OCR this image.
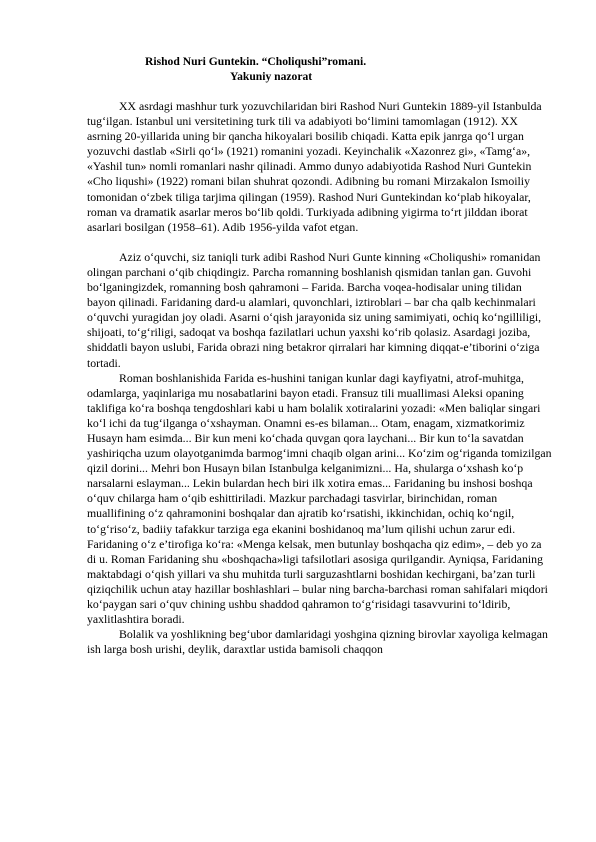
Rishod Nuri Guntekin. “Choliqushi”romani.

Yakuniy nazorat

XX asrdagi mashhur turk yozuvchilaridan biri Rashod Nuri Guntekin 1889-yil Istanbulda tug‘ilgan. Istanbul uni versitetining turk tili va adabiyoti bo‘limini tamomlagan (1912). XX asrning 20-yillarida uning bir qancha hikoyalari bosilib chiqadi. Katta epik janrga qo‘l urgan yozuvchi dastlab «Sirli qo‘l» (1921) romanini yozadi. Keyinchalik «Xazonrez gi», «Tamg‘a», «Yashil tun» nomli romanlari nashr qilinadi. Ammo dunyo adabiyotida Rashod Nuri Guntekin «Cho liqushi» (1922) romani bilan shuhrat qozondi. Adibning bu romani Mirzakalon Ismoiliy tomonidan o‘zbek tiliga tarjima qilingan (1959). Rashod Nuri Guntekindan ko‘plab hikoyalar, roman va dramatik asarlar meros bo‘lib qoldi. Turkiyada adibning yigirma to‘rt jilddan iborat asarlari bosilgan (1958–61). Adib 1956-yilda vafot etgan.

Aziz o‘quvchi, siz taniqli turk adibi Rashod Nuri Gunte kinning «Choliqushi» romanidan olingan parchani o‘qib chiqdingiz. Parcha romanning boshlanish qismidan tanlan gan. Guvohi bo‘lganingizdek, romanning bosh qahramoni – Farida. Barcha voqea-hodisalar uning tilidan bayon qilinadi. Faridaning dard-u alamlari, quvonchlari, iztiroblari – bar cha qalb kechinmalari o‘quvchi yuragidan joy oladi. Asarni o‘qish jarayonida siz uning samimiyati, ochiq ko‘ngilliligi, shijoati, to‘g‘riligi, sadoqat va boshqa fazilatlari uchun yaxshi ko‘rib qolasiz. Asardagi joziba, shiddatli bayon uslubi, Farida obrazi ning betakror qirralari har kimning diqqat-e’tiborini o‘ziga tortadi.

Roman boshlanishida Farida es-hushini tanigan kunlar dagi kayfiyatni, atrof-muhitga, odamlarga, yaqinlariga mu nosabatlarini bayon etadi. Fransuz tili muallimasi Aleksi opaning taklifiga ko‘ra boshqa tengdoshlari kabi u ham bolalik xotiralarini yozadi: «Men baliqlar singari ko‘l ichi da tug‘ilganga o‘xshayman. Onamni es-es bilaman... Otam, enagam, xizmatkorimiz Husayn ham esimda... Bir kun meni ko‘chada quvgan qora laychani... Bir kun to‘la savatdan yashiriqcha uzum olayotganimda barmog‘imni chaqib olgan arini... Ko‘zim og‘riganda tomizilgan qizil dorini... Mehri bon Husayn bilan Istanbulga kelganimizni... Ha, shularga o‘xshash ko‘p narsalarni eslayman... Lekin bulardan hech biri ilk xotira emas... Faridaning bu inshosi boshqa o‘quv chilarga ham o‘qib eshittiriladi. Mazkur parchadagi tasvirlar, birinchidan, roman muallifining o‘z qahramonini boshqalar dan ajratib ko‘rsatishi, ikkinchidan, ochiq ko‘ngil, to‘g‘riso‘z, badiiy tafakkur tarziga ega ekanini boshidanoq ma’lum qilishi uchun zarur edi. Faridaning o‘z e’tirofiga ko‘ra: «Menga kelsak, men butunlay boshqacha qiz edim», – deb yo za di u. Roman Faridaning shu «boshqacha»ligi tafsilotlari asosiga qurilgandir. Ayniqsa, Faridaning maktabdagi o‘qish yillari va shu muhitda turli sarguzashtlarni boshidan kechirgani, ba’zan turli qiziqchilik uchun atay hazillar boshlashlari – bular ning barcha-barchasi roman sahifalari miqdori ko‘paygan sari o‘quv chining ushbu shaddod qahramon to‘g‘risidagi tasavvurini to‘ldirib, yaxlitlashtira boradi.

Bolalik va yoshlikning beg‘ubor damlaridagi yoshgina qizning birovlar xayoliga kelmagan ish larga bosh urishi, deylik, daraxtlar ustida bamisoli chaqqon
